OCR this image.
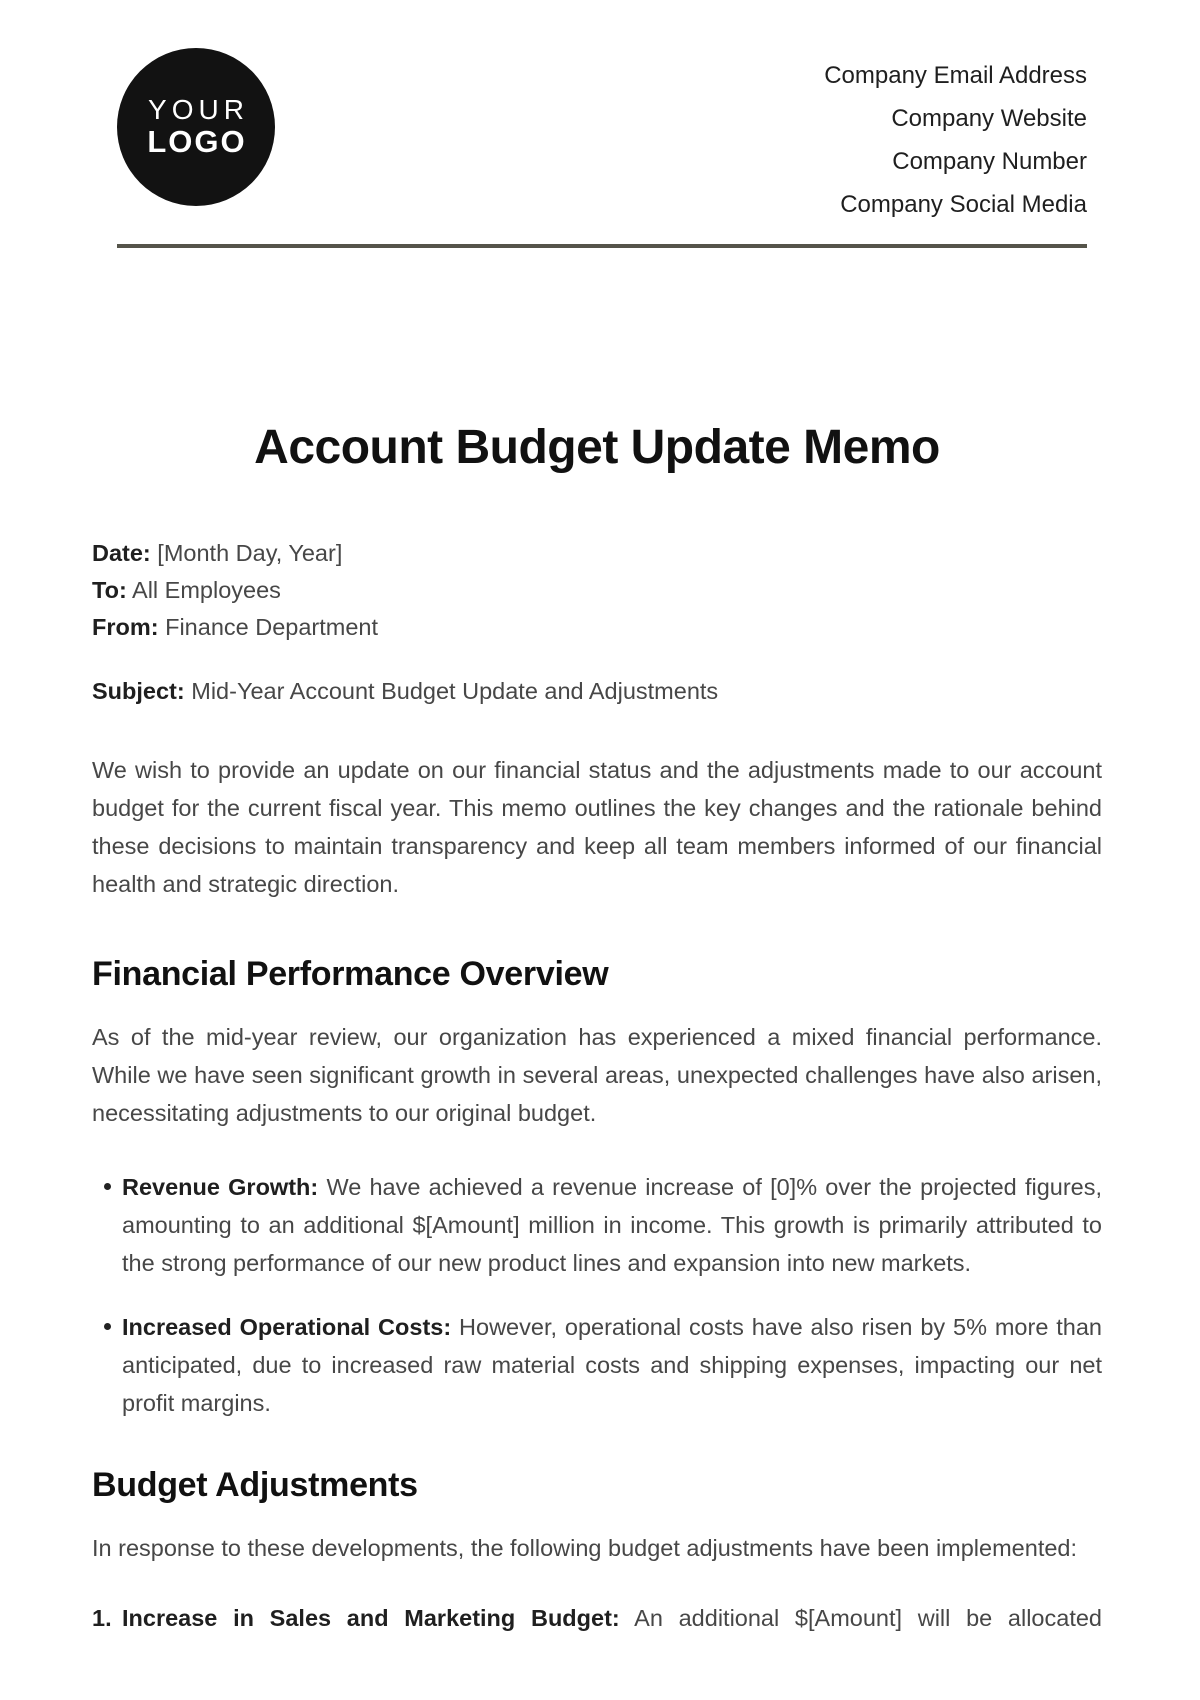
YOUR
LOGO
Company Email Address
Company Website
Company Number
Company Social Media
Account Budget Update Memo

Date: [Month Day, Year]

To: All Employees

From: Finance Department

Subject: Mid-Year Account Budget Update and Adjustments

We wish to provide an update on our financial status and the adjustments made to our account budget for the current fiscal year. This memo outlines the key changes and the rationale behind these decisions to maintain transparency and keep all team members informed of our financial health and strategic direction.

Financial Performance Overview

As of the mid-year review, our organization has experienced a mixed financial performance. While we have seen significant growth in several areas, unexpected challenges have also arisen, necessitating adjustments to our original budget.

Revenue Growth: We have achieved a revenue increase of [0]% over the projected figures, amounting to an additional $[Amount] million in income. This growth is primarily attributed to the strong performance of our new product lines and expansion into new markets.
Increased Operational Costs: However, operational costs have also risen by 5% more than anticipated, due to increased raw material costs and shipping expenses, impacting our net profit margins.
Budget Adjustments

In response to these developments, the following budget adjustments have been implemented:

1. Increase in Sales and Marketing Budget: An additional $[Amount] will be allocated
